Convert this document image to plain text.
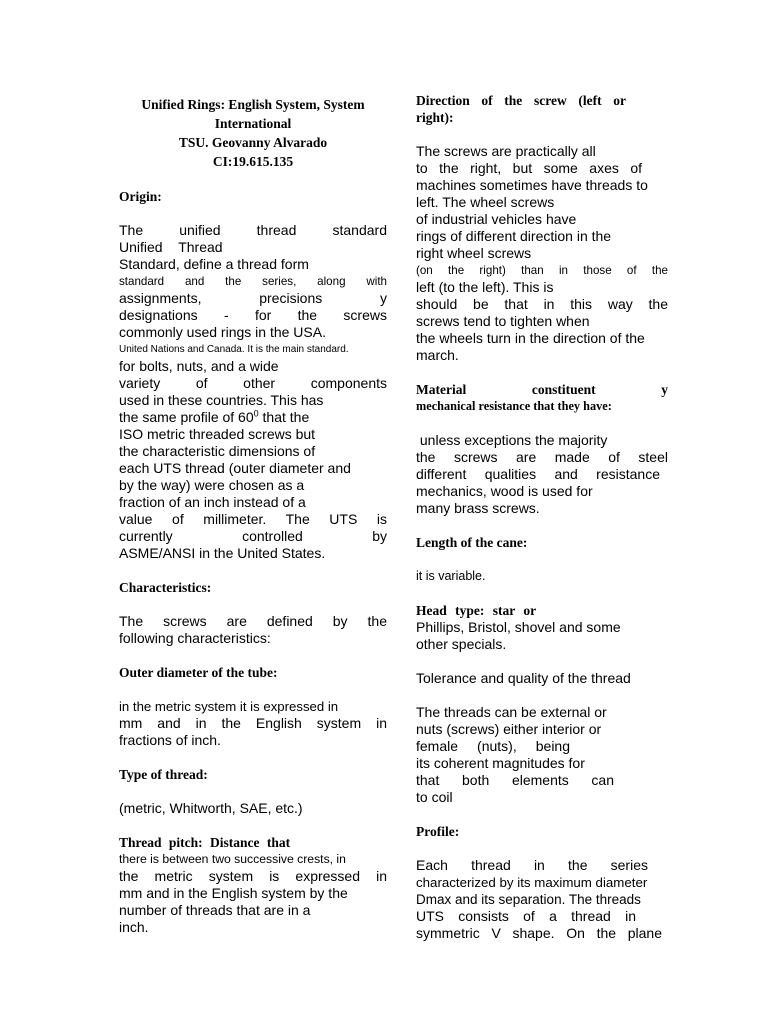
Unified Rings: English System, System
International
TSU. Geovanny Alvarado
CI:19.615.135

Origin:

The unified thread standard

Unified Thread

Standard, define a thread form

standard and the series, along with

assignments, precisions y

designations - for the screws

commonly used rings in the USA.

United Nations and Canada. It is the main standard.

for bolts, nuts, and a wide

variety of other components

used in these countries. This has

the same profile of $60^0$ that the

ISO metric threaded screws but

the characteristic dimensions of

each UTS thread (outer diameter and

by the way) were chosen as a

fraction of an inch instead of a

value of millimeter. The UTS is

currently controlled by

ASME/ANSI in the United States.

Characteristics:

The screws are defined by the

following characteristics:

Outer diameter of the tube:

in the metric system it is expressed in

mm and in the English system in

fractions of inch.

Type of thread:

(metric, Whitworth, SAE, etc.)

Thread pitch: Distance that

there is between two successive crests, in

the metric system is expressed in

mm and in the English system by the

number of threads that are in a

inch.

Direction of the screw (left or

right):

The screws are practically all

to the right, but some axes of

machines sometimes have threads to

left. The wheel screws

of industrial vehicles have

rings of different direction in the

right wheel screws

(on the right) than in those of the

left (to the left). This is

should be that in this way the

screws tend to tighten when

the wheels turn in the direction of the

march.

Material constituent y

mechanical resistance that they have:

unless exceptions the majority

the screws are made of steel

different qualities and resistance

mechanics, wood is used for

many brass screws.

Length of the cane:

it is variable.

Head type: star or

Phillips, Bristol, shovel and some

other specials.

Tolerance and quality of the thread

The threads can be external or

nuts (screws) either interior or

female (nuts), being

its coherent magnitudes for

that both elements can

to coil

Profile:

Each thread in the series

characterized by its maximum diameter

Dmax and its separation. The threads

UTS consists of a thread in

symmetric V shape. On the plane
